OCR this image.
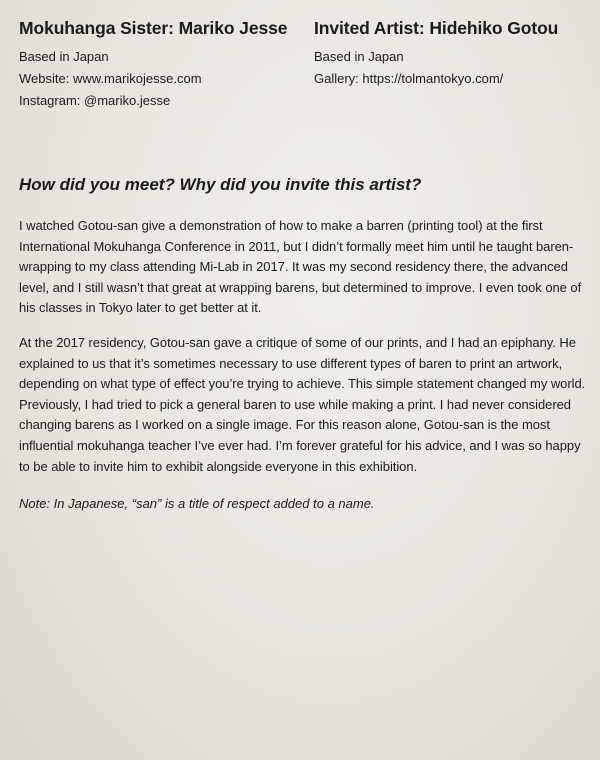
Mokuhanga Sister: Mariko Jesse

Based in Japan

Website: www.marikojesse.com

Instagram: @mariko.jesse

Invited Artist: Hidehiko Gotou

Based in Japan

Gallery: https://tolmantokyo.com/

How did you meet? Why did you invite this artist?

I watched Gotou-san give a demonstration of how to make a barren (printing tool) at the first International Mokuhanga Conference in 2011, but I didn’t formally meet him until he taught baren-wrapping to my class attending Mi-Lab in 2017. It was my second residency there, the advanced level, and I still wasn’t that great at wrapping barens, but determined to improve. I even took one of his classes in Tokyo later to get better at it.

At the 2017 residency, Gotou-san gave a critique of some of our prints, and I had an epiphany. He explained to us that it’s sometimes necessary to use different types of baren to print an artwork, depending on what type of effect you’re trying to achieve. This simple statement changed my world. Previously, I had tried to pick a general baren to use while making a print. I had never considered changing barens as I worked on a single image. For this reason alone, Gotou-san is the most influential mokuhanga teacher I’ve ever had. I’m forever grateful for his advice, and I was so happy to be able to invite him to exhibit alongside everyone in this exhibition.

Note: In Japanese, “san” is a title of respect added to a name.
